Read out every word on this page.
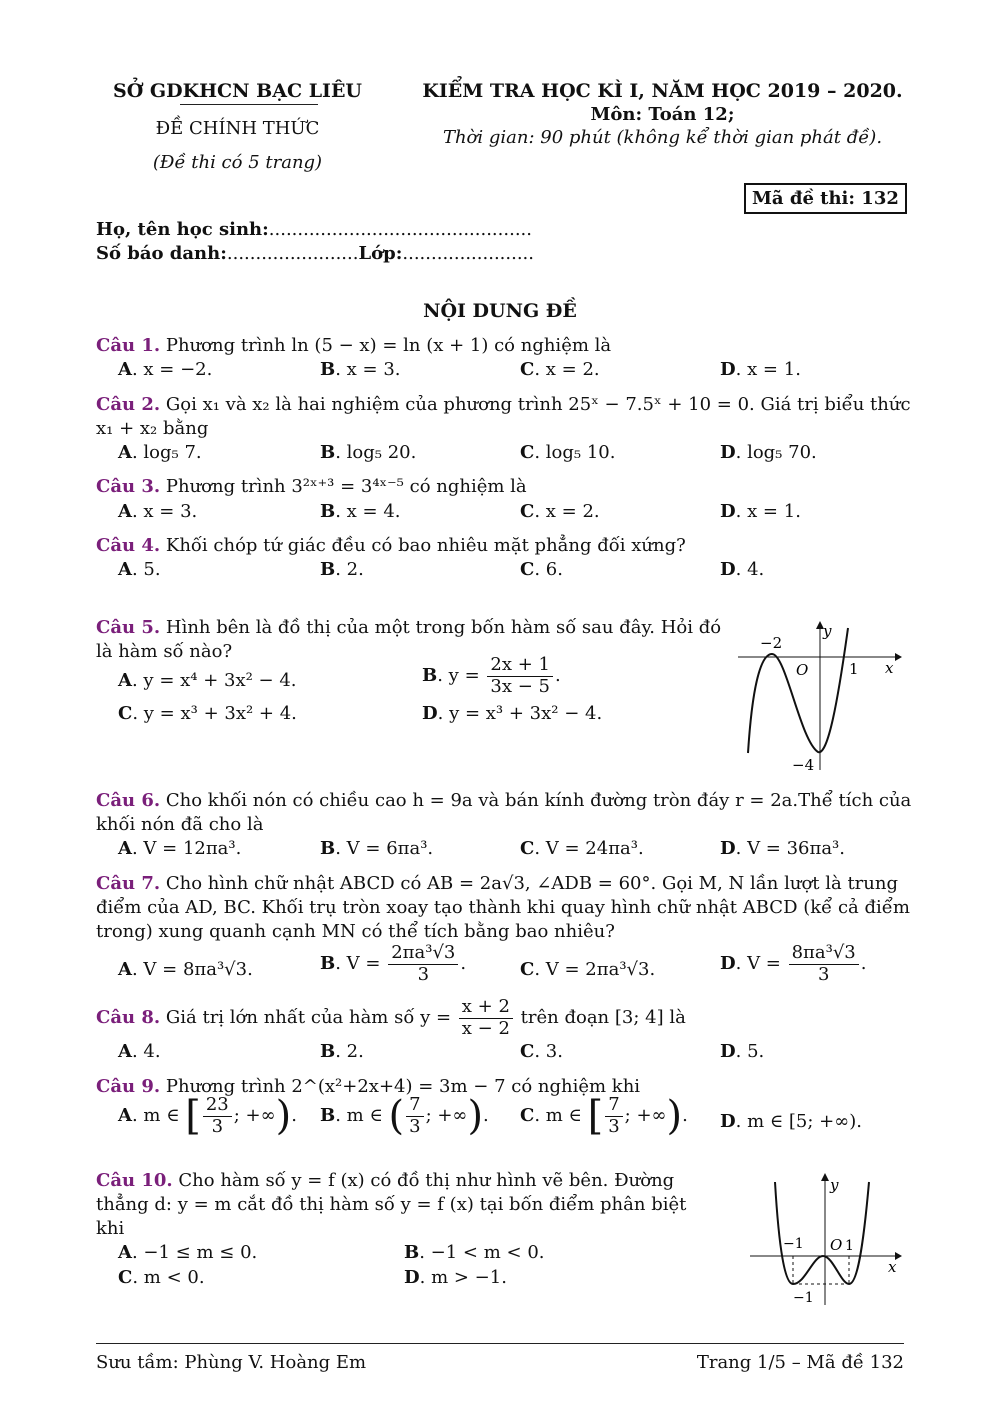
SỞ GDKHCN BẠC LIÊU
ĐỀ CHÍNH THỨC
(Đề thi có 5 trang)
KIỂM TRA HỌC KÌ I, NĂM HỌC 2019 – 2020.
Môn: Toán 12;
Thời gian: 90 phút (không kể thời gian phát đề).
Mã đề thi: 132
Họ, tên học sinh:..............................................
Số báo danh:.......................Lớp:.......................
NỘI DUNG ĐỀ
Câu 1. Phương trình ln (5 − x) = ln (x + 1) có nghiệm là
A. x = −2.	B. x = 3.	C. x = 2.	D. x = 1.
Câu 2. Gọi x₁ và x₂ là hai nghiệm của phương trình 25ˣ − 7.5ˣ + 10 = 0. Giá trị biểu thức
x₁ + x₂ bằng
A. log₅ 7.	B. log₅ 20.	C. log₅ 10.	D. log₅ 70.
Câu 3. Phương trình 3²ˣ⁺³ = 3⁴ˣ⁻⁵ có nghiệm là
A. x = 3.	B. x = 4.	C. x = 2.	D. x = 1.
Câu 4. Khối chóp tứ giác đều có bao nhiêu mặt phẳng đối xứng?
A. 5.	B. 2.	C. 6.	D. 4.
Câu 5. Hình bên là đồ thị của một trong bốn hàm số sau đây. Hỏi đó
là hàm số nào?
A. y = x⁴ + 3x² − 4.	B. $y = \frac{2x + 1}{3x - 5}$ .
C. y = x³ + 3x² + 4.	D. y = x³ + 3x² − 4.
y
x
O
−2
1
−4
Câu 6. Cho khối nón có chiều cao h = 9a và bán kính đường tròn đáy r = 2a.Thể tích của
khối nón đã cho là
A. V = 12πa³.	B. V = 6πa³.	C. V = 24πa³.	D. V = 36πa³.
Câu 7. Cho hình chữ nhật ABCD có AB = 2a√3, ∠ADB = 60°. Gọi M, N lần lượt là trung
điểm của AD, BC. Khối trụ tròn xoay tạo thành khi quay hình chữ nhật ABCD (kể cả điểm
trong) xung quanh cạnh MN có thể tích bằng bao nhiêu?
A. V = 8πa³√3.	B. $V = \frac{\text{2πa³√3}}{3}$ .	C. V = 2πa³√3.	D. $V = \frac{\text{8πa³√3}}{3}$ .
Câu 8. Giá trị lớn nhất của hàm số $y = \frac{x + 2}{x - 2}$ trên đoạn [3; 4] là
A. 4.	B. 2.	C. 3.	D. 5.
Câu 9. Phương trình 2^(x²+2x+4) = 3m − 7 có nghiệm khi
A. m ∈ [ $\frac{23}{3}$ ; +∞). B. m ∈ ( $\frac{7}{3}$ ; +∞). C. m ∈ [ $\frac{7}{3}$ ; +∞). D. m ∈ [5; +∞).
Câu 10. Cho hàm số y = f (x) có đồ thị như hình vẽ bên. Đường
thẳng d: y = m cắt đồ thị hàm số y = f (x) tại bốn điểm phân biệt
khi
A. −1 ≤ m ≤ 0.	B. −1 < m < 0.
C. m < 0.	D. m > −1.
y
x
O
−1	1
−1
Sưu tầm: Phùng V. Hoàng Em	Trang 1/5 – Mã đề 132
